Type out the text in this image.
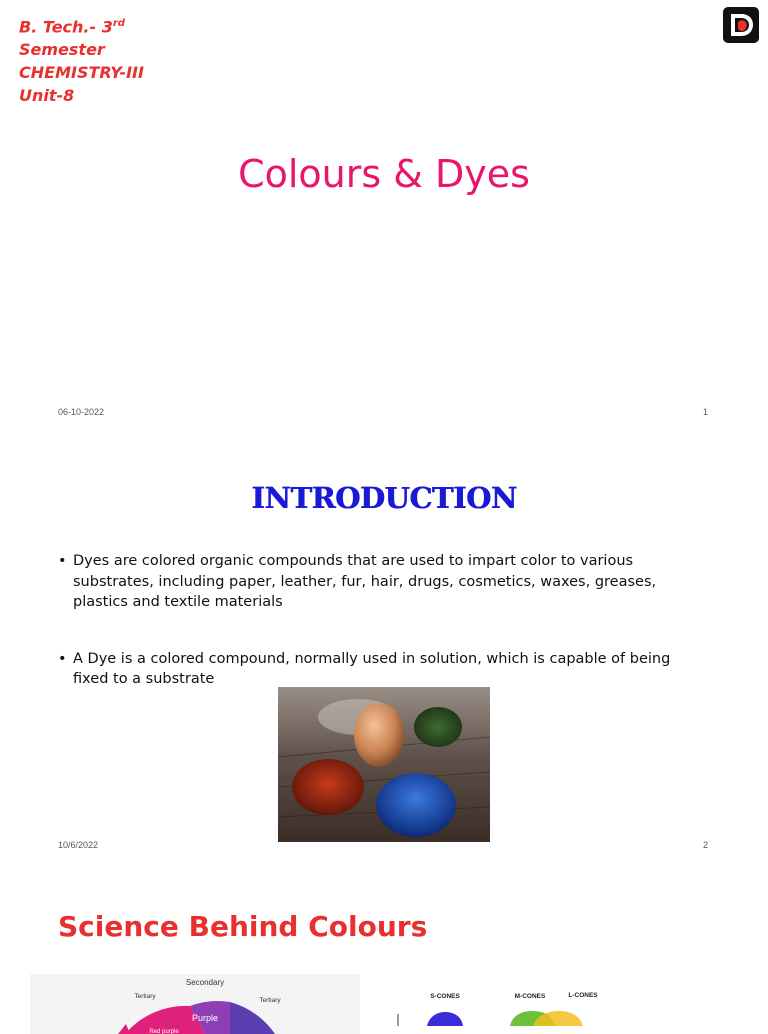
B. Tech.- 3rd
Semester
CHEMISTRY-III
Unit-8
Colours & Dyes
06-10-2022	1
INTRODUCTION
• Dyes are colored organic compounds that are used to impart color to various substrates, including paper, leather, fur, hair, drugs, cosmetics, waxes, greases, plastics and textile materials
• A Dye is a colored compound, normally used in solution, which is capable of being fixed to a substrate
10/6/2022	2
Science Behind Colours
Secondary
Tertiary
Tertiary
Purple
Red purple
S-CONES	M-CONES	L-CONES
